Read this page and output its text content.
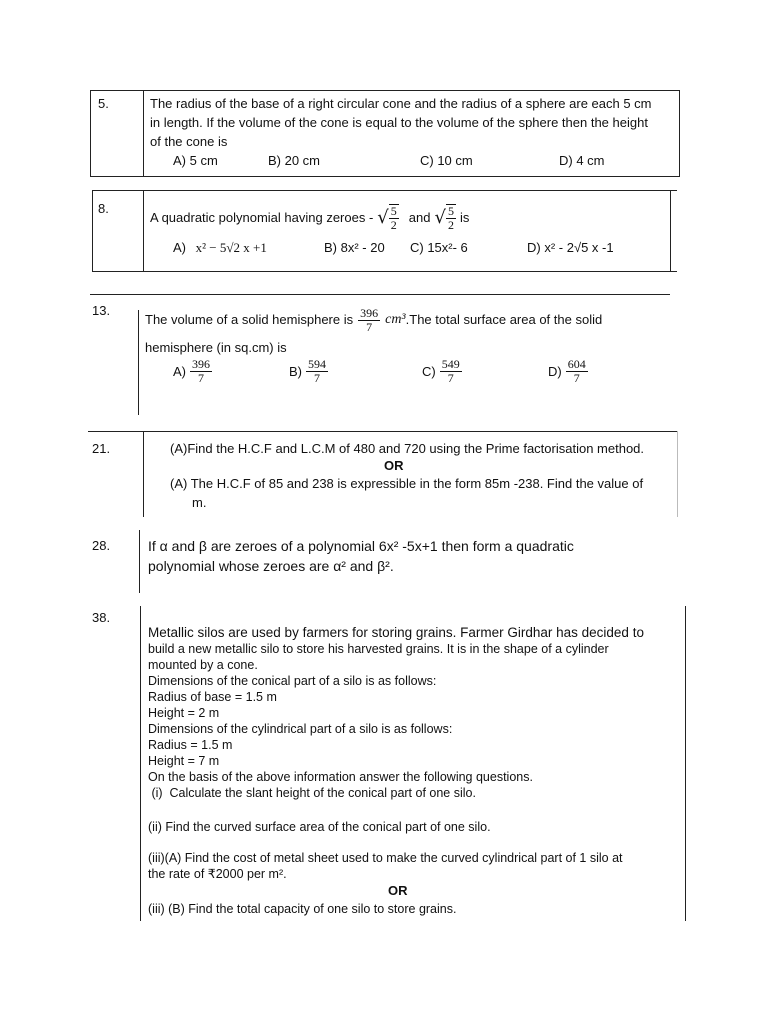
5.	The radius of the base of a right circular cone and the radius of a sphere are each 5 cm
in length. If the volume of the cone is equal to the volume of the sphere then the height
of the cone is
A) 5 cm	B) 20 cm	C) 10 cm	D) 4 cm
8.
A quadratic polynomial having zeroes - √ $\frac{5}{2}$ and √ $\frac{5}{2}$ is
A) x² − 5√2 x +1	B) 8x² - 20 C) 15x²- 6	D) x² - 2√5 x -1
13.
The volume of a solid hemisphere is $\frac{396}{7} cm^3$ .The total surface area of the solid
hemisphere (in sq.cm) is
$A) \frac{396}{7}$	$B) \frac{594}{7}$	$C) \frac{549}{7}$	$D) \frac{604}{7}$
21.	(A)Find the H.C.F and L.C.M of 480 and 720 using the Prime factorisation method.
OR
(A) The H.C.F of 85 and 238 is expressible in the form 85m -238. Find the value of
m.
28.	If α and β are zeroes of a polynomial 6x² -5x+1 then form a quadratic
polynomial whose zeroes are α² and β².
38.
Metallic silos are used by farmers for storing grains. Farmer Girdhar has decided to
build a new metallic silo to store his harvested grains. It is in the shape of a cylinder
mounted by a cone.
Dimensions of the conical part of a silo is as follows:
Radius of base = 1.5 m
Height = 2 m
Dimensions of the cylindrical part of a silo is as follows:
Radius = 1.5 m
Height = 7 m
On the basis of the above information answer the following questions.
(i)  Calculate the slant height of the conical part of one silo.
(ii) Find the curved surface area of the conical part of one silo.
(iii)(A) Find the cost of metal sheet used to make the curved cylindrical part of 1 silo at
the rate of ₹2000 per m².
OR
(iii) (B) Find the total capacity of one silo to store grains.
